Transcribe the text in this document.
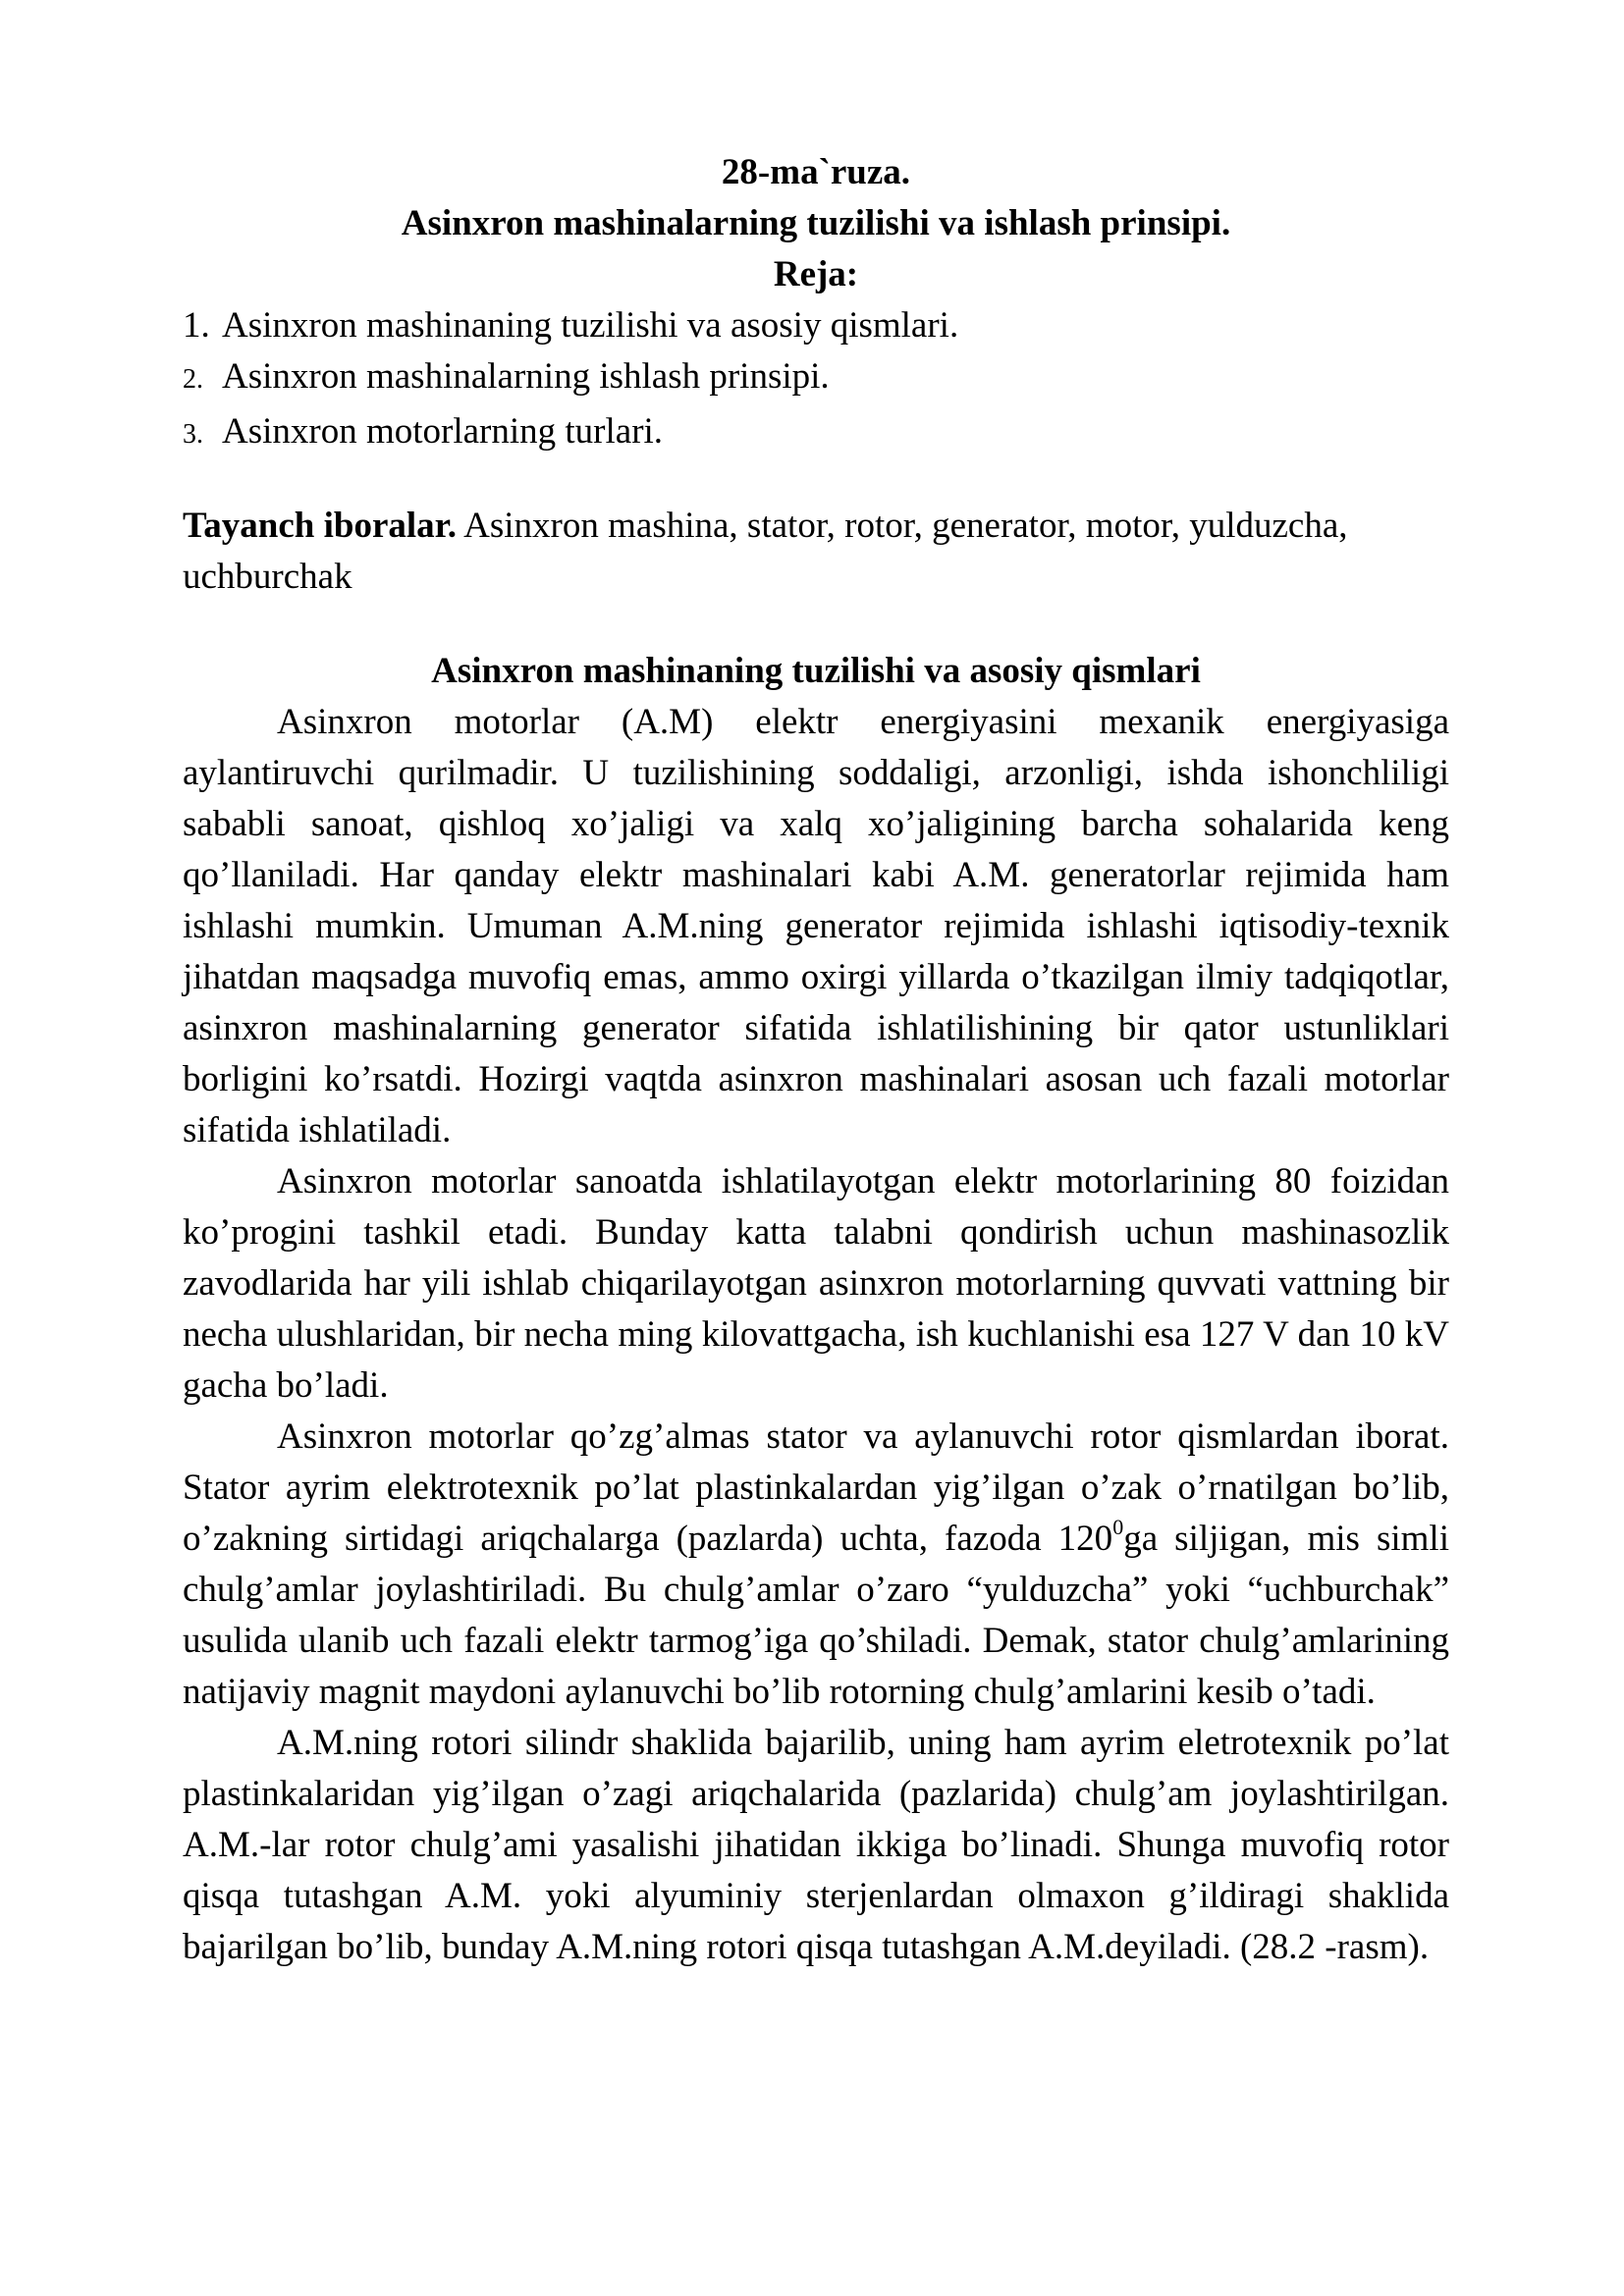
28-ma`ruza.
Asinxron mashinalarning tuzilishi va ishlash prinsipi.
Reja:
1. Asinxron mashinaning tuzilishi va asosiy qismlari.
2. Asinxron mashinalarning ishlash prinsipi.
3. Asinxron motorlarning turlari.
Tayanch iboralar. Asinxron mashina, stator, rotor, generator, motor, yulduzcha, uchburchak
Asinxron mashinaning tuzilishi va asosiy qismlari

Asinxron motorlar (A.M) elektr energiyasini mexanik energiyasiga aylantiruvchi qurilmadir. U tuzilishining soddaligi, arzonligi, ishda ishonchliligi sababli sanoat, qishloq xo’jaligi va xalq xo’jaligining barcha sohalarida keng qo’llaniladi. Har qanday elektr mashinalari kabi A.M. generatorlar rejimida ham ishlashi mumkin. Umuman A.M.ning generator rejimida ishlashi iqtisodiy-texnik jihatdan maqsadga muvofiq emas, ammo oxirgi yillarda o’tkazilgan ilmiy tadqiqotlar, asinxron mashinalarning generator sifatida ishlatilishining bir qator ustunliklari borligini ko’rsatdi. Hozirgi vaqtda asinxron mashinalari asosan uch fazali motorlar sifatida ishlatiladi.

Asinxron motorlar sanoatda ishlatilayotgan elektr motorlarining 80 foizidan ko’progini tashkil etadi. Bunday katta talabni qondirish uchun mashinasozlik zavodlarida har yili ishlab chiqarilayotgan asinxron motorlarning quvvati vattning bir necha ulushlaridan, bir necha ming kilovattgacha, ish kuchlanishi esa 127 V dan 10 kV gacha bo’ladi.

Asinxron motorlar qo’zg’almas stator va aylanuvchi rotor qismlardan iborat. Stator ayrim elektrotexnik po’lat plastinkalardan yig’ilgan o’zak o’rnatilgan bo’lib, o’zakning sirtidagi ariqchalarga (pazlarda) uchta, fazoda $120^0ga$ siljigan, mis simli chulg’amlar joylashtiriladi. Bu chulg’amlar o’zaro “yulduzcha” yoki “uchburchak” usulida ulanib uch fazali elektr tarmog’iga qo’shiladi. Demak, stator chulg’amlarining natijaviy magnit maydoni aylanuvchi bo’lib rotorning chulg’amlarini kesib o’tadi.

A.M.ning rotori silindr shaklida bajarilib, uning ham ayrim eletrotexnik po’lat plastinkalaridan yig’ilgan o’zagi ariqchalarida (pazlarida) chulg’am joylashtirilgan. A.M.-lar rotor chulg’ami yasalishi jihatidan ikkiga bo’linadi. Shunga muvofiq rotor qisqa tutashgan A.M. yoki alyuminiy sterjenlardan olmaxon g’ildiragi shaklida bajarilgan bo’lib, bunday A.M.ning rotori qisqa tutashgan A.M.deyiladi. (28.2 -rasm).
